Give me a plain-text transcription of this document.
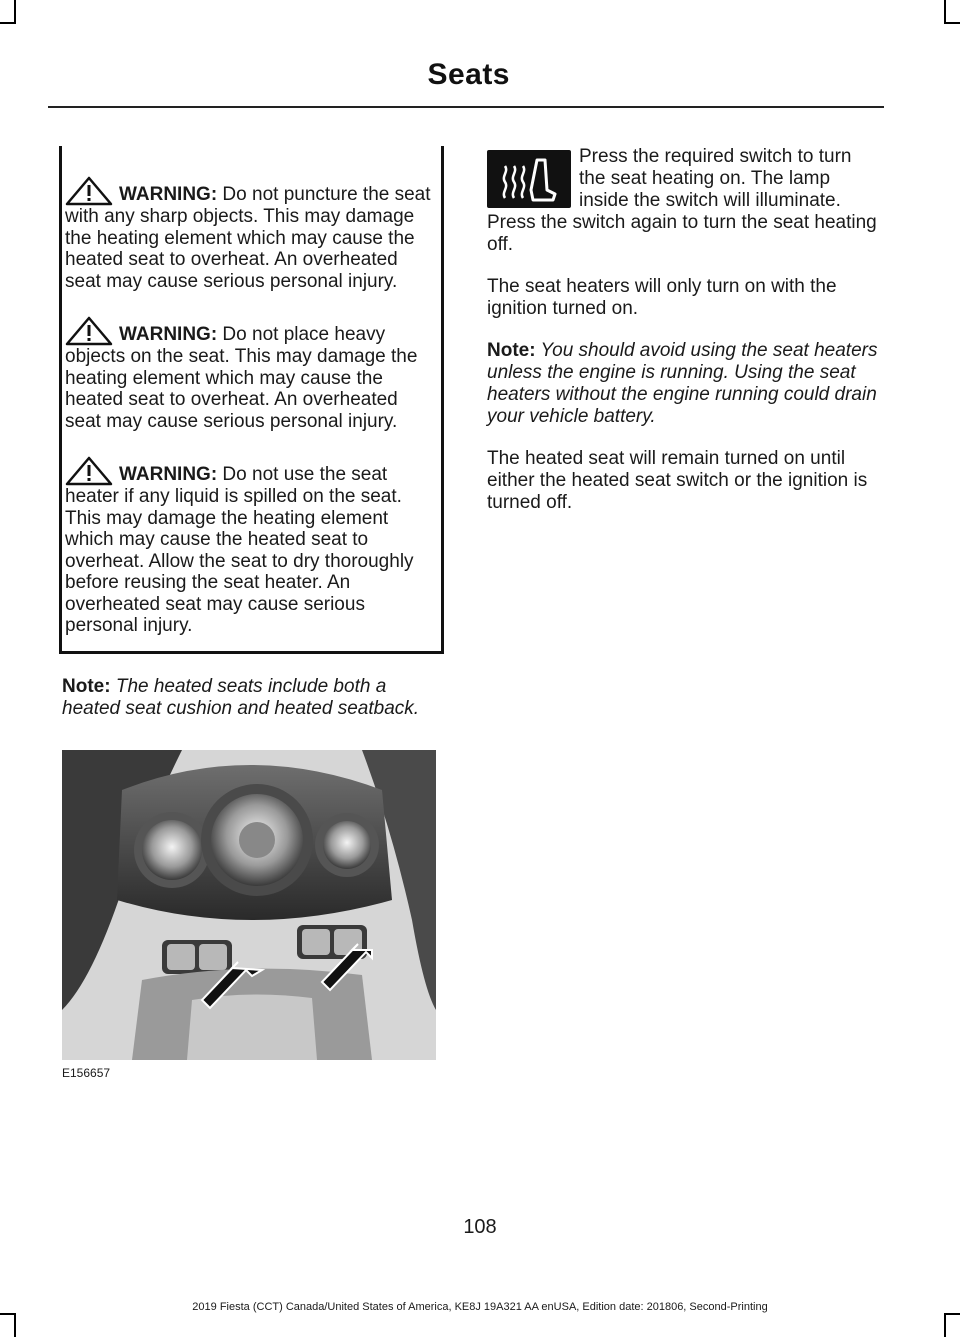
Seats

WARNING: Do not puncture the seat with any sharp objects. This may damage the heating element which may cause the heated seat to overheat. An overheated seat may cause serious personal injury.

WARNING: Do not place heavy objects on the seat. This may damage the heating element which may cause the heated seat to overheat. An overheated seat may cause serious personal injury.

WARNING: Do not use the seat heater if any liquid is spilled on the seat. This may damage the heating element which may cause the heated seat to overheat. Allow the seat to dry thoroughly before reusing the seat heater. An overheated seat may cause serious personal injury.

Note: The heated seats include both a heated seat cushion and heated seatback.
E156657

Press the required switch to turn the seat heating on. The lamp inside the switch will illuminate. Press the switch again to turn the seat heating off.

The seat heaters will only turn on with the ignition turned on.

Note: You should avoid using the seat heaters unless the engine is running. Using the seat heaters without the engine running could drain your vehicle battery.

The heated seat will remain turned on until either the heated seat switch or the ignition is turned off.

108
2019 Fiesta (CCT) Canada/United States of America, KE8J 19A321 AA enUSA, Edition date: 201806, Second-Printing
